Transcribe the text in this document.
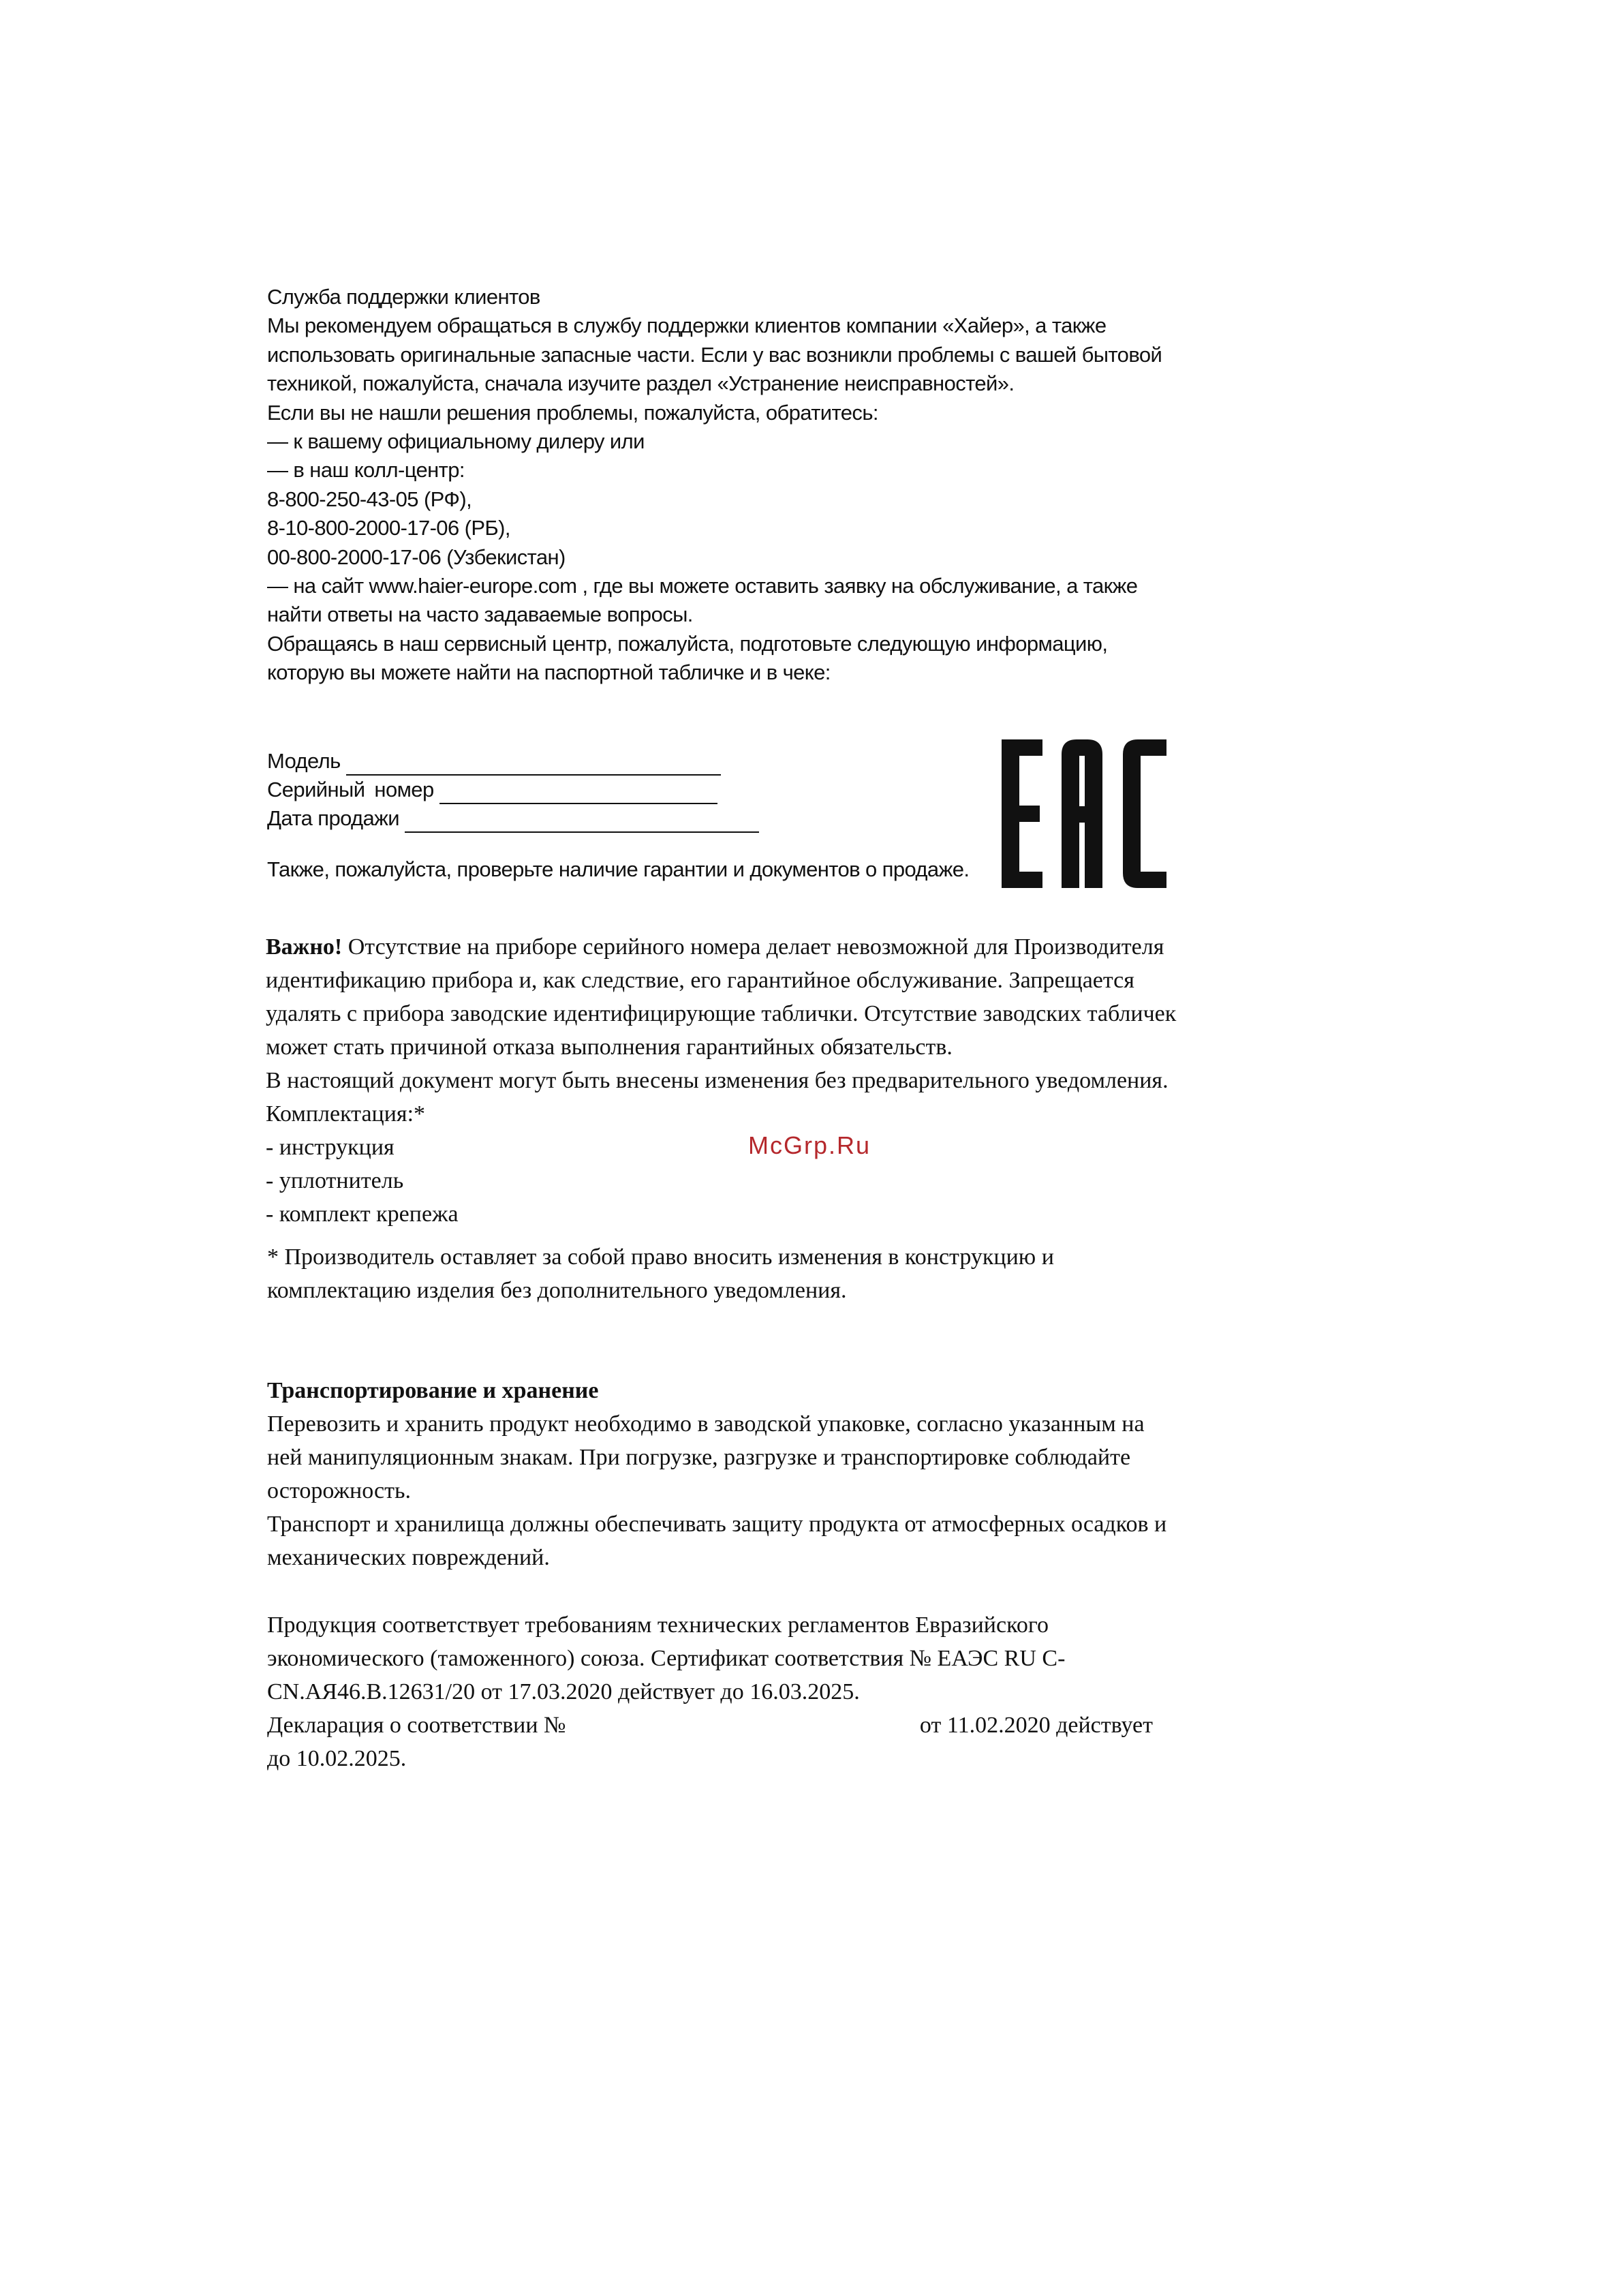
Служба поддержки клиентов
Мы рекомендуем обращаться в службу поддержки клиентов компании «Хайер», а также использовать оригинальные запасные части. Если у вас возникли проблемы с вашей бытовой техникой, пожалуйста, сначала изучите раздел «Устранение неисправностей».
Если вы не нашли решения проблемы, пожалуйста, обратитесь:
— к вашему официальному дилеру или
— в наш колл-центр:
8-800-250-43-05 (РФ),
8-10-800-2000-17-06 (РБ),
00-800-2000-17-06 (Узбекистан)
— на сайт www.haier-europe.com , где вы можете оставить заявку на обслуживание, а также найти ответы на часто задаваемые вопросы.
Обращаясь в наш сервисный центр, пожалуйста, подготовьте следующую информацию, которую вы можете найти на паспортной табличке и в чеке:
Модель
Серийный номер
Дата продажи
Также, пожалуйста, проверьте наличие гарантии и документов о продаже.
Важно! Отсутствие на приборе серийного номера делает невозможной для Производителя идентификацию прибора и, как следствие, его гарантийное обслуживание. Запрещается удалять с прибора заводские идентифицирующие таблички. Отсутствие заводских табличек может стать причиной отказа выполнения гарантийных обязательств.
В настоящий документ могут быть внесены изменения без предварительного уведомления.
Комплектация:*
- инструкция
- уплотнитель
- комплект крепежа
McGrp.Ru
* Производитель оставляет за собой право вносить изменения в конструкцию и комплектацию изделия без дополнительного уведомления.
Транспортирование и хранение
Перевозить и хранить продукт необходимо в заводской упаковке, согласно указанным на ней манипуляционным знакам. При погрузке, разгрузке и транспортировке соблюдайте осторожность.
Транспорт и хранилища должны обеспечивать защиту продукта от атмосферных осадков и механических повреждений.
Продукция соответствует требованиям технических регламентов Евразийского экономического (таможенного) союза. Сертификат соответствия № ЕАЭС RU C-CN.АЯ46.В.12631/20 от 17.03.2020 действует до 16.03.2025.
Декларация о соответствии №	от 11.02.2020 действует
до 10.02.2025.
